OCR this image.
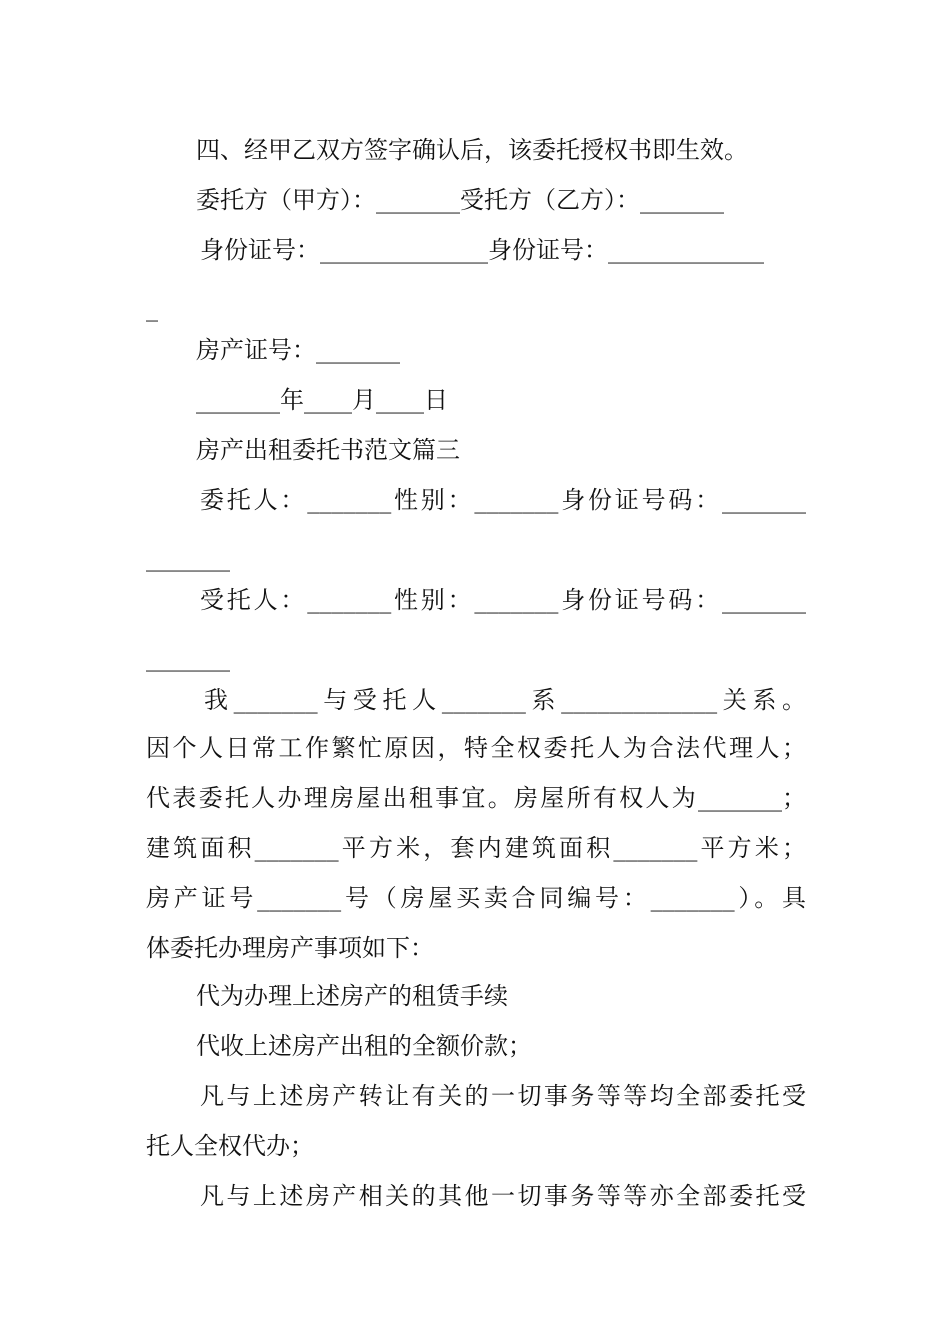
四、经甲乙双方签字确认后，该委托授权书即生效。
委托方（甲方）：_______受托方（乙方）：_______
身份证号：______________身份证号：_____________
_
房产证号：_______
_______年____月____日
房产出租委托书范文篇三
委托人：_______性别：_______身份证号码：_______
_______
受托人：_______性别：_______身份证号码：_______
_______
我_______与受托人_______系_____________关系。
因个人日常工作繁忙原因，特全权委托人为合法代理人；
代表委托人办理房屋出租事宜。房屋所有权人为_______；
建筑面积_______平方米，套内建筑面积_______平方米；
房产证号_______号（房屋买卖合同编号：_______）。具
体委托办理房产事项如下：
代为办理上述房产的租赁手续
代收上述房产出租的全额价款；
凡与上述房产转让有关的一切事务等等均全部委托受
托人全权代办；
凡与上述房产相关的其他一切事务等等亦全部委托受
